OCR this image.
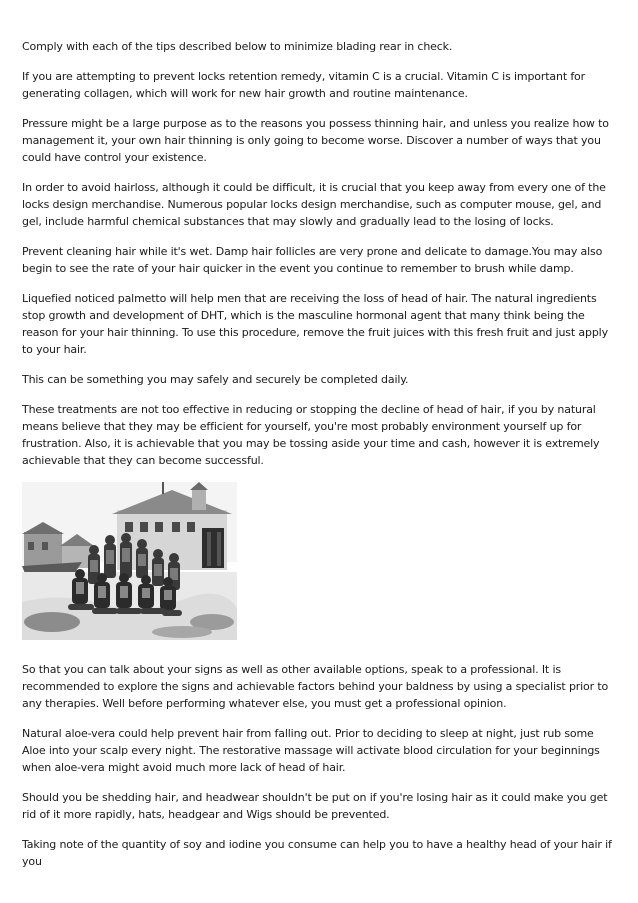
Comply with each of the tips described below to minimize blading rear in check.

If you are attempting to prevent locks retention remedy, vitamin C is a crucial. Vitamin C is important for generating collagen, which will work for new hair growth and routine maintenance.

Pressure might be a large purpose as to the reasons you possess thinning hair, and unless you realize how to management it, your own hair thinning is only going to become worse. Discover a number of ways that you could have control your existence.

In order to avoid hairloss, although it could be difficult, it is crucial that you keep away from every one of the locks design merchandise. Numerous popular locks design merchandise, such as computer mouse, gel, and gel, include harmful chemical substances that may slowly and gradually lead to the losing of locks.

Prevent cleaning hair while it's wet. Damp hair follicles are very prone and delicate to damage.You may also begin to see the rate of your hair quicker in the event you continue to remember to brush while damp.

Liquefied noticed palmetto will help men that are receiving the loss of head of hair. The natural ingredients stop growth and development of DHT, which is the masculine hormonal agent that many think being the reason for your hair thinning. To use this procedure, remove the fruit juices with this fresh fruit and just apply to your hair.

This can be something you may safely and securely be completed daily.

These treatments are not too effective in reducing or stopping the decline of head of hair, if you by natural means believe that they may be efficient for yourself, you're most probably environment yourself up for frustration. Also, it is achievable that you may be tossing aside your time and cash, however it is extremely achievable that they can become successful.

So that you can talk about your signs as well as other available options, speak to a professional. It is recommended to explore the signs and achievable factors behind your baldness by using a specialist prior to any therapies. Well before performing whatever else, you must get a professional opinion.

Natural aloe-vera could help prevent hair from falling out. Prior to deciding to sleep at night, just rub some Aloe into your scalp every night. The restorative massage will activate blood circulation for your beginnings when aloe-vera might avoid much more lack of head of hair.

Should you be shedding hair, and headwear shouldn't be put on if you're losing hair as it could make you get rid of it more rapidly, hats, headgear and Wigs should be prevented.

Taking note of the quantity of soy and iodine you consume can help you to have a healthy head of your hair if you
